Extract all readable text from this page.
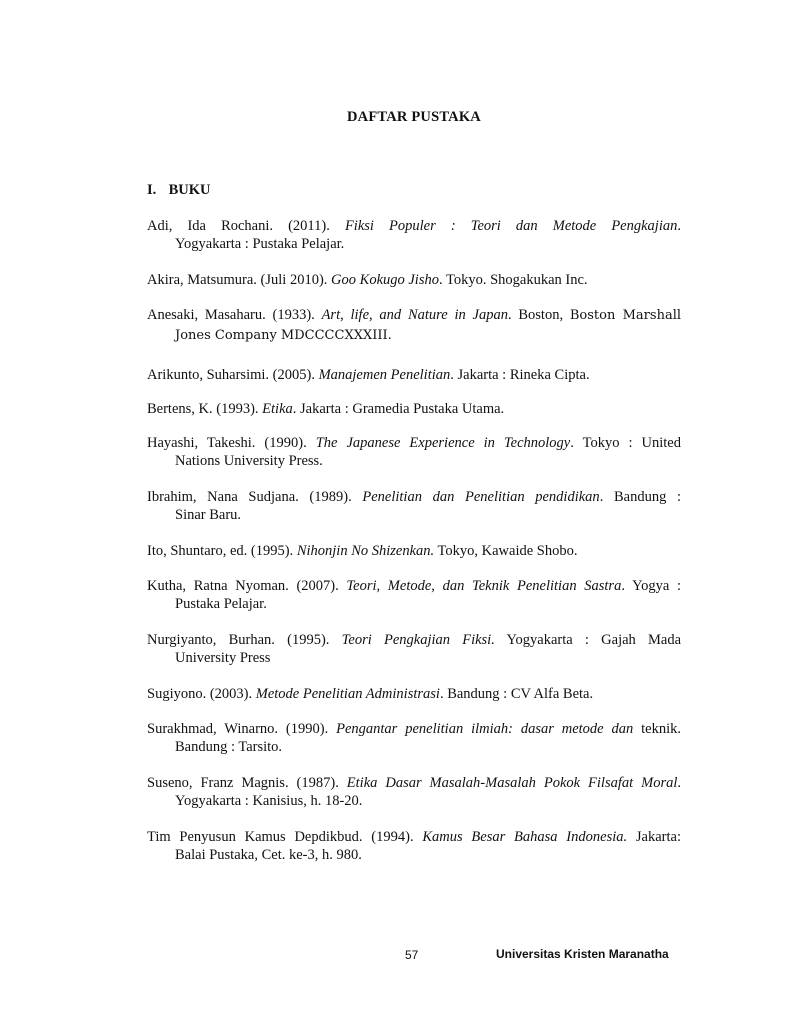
DAFTAR PUSTAKA
I. BUKU
Adi, Ida Rochani. (2011). Fiksi Populer : Teori dan Metode Pengkajian.
Yogyakarta : Pustaka Pelajar.
Akira, Matsumura. (Juli 2010). Goo Kokugo Jisho. Tokyo. Shogakukan Inc.
Anesaki, Masaharu. (1933). Art, life, and Nature in Japan. Boston, Boston Marshall
Jones Company MDCCCCXXXIII.
Arikunto, Suharsimi. (2005). Manajemen Penelitian. Jakarta : Rineka Cipta.
Bertens, K. (1993). Etika. Jakarta : Gramedia Pustaka Utama.
Hayashi, Takeshi. (1990). The Japanese Experience in Technology. Tokyo : United
Nations University Press.
Ibrahim, Nana Sudjana. (1989). Penelitian dan Penelitian pendidikan. Bandung :
Sinar Baru.
Ito, Shuntaro, ed. (1995). Nihonjin No Shizenkan. Tokyo, Kawaide Shobo.
Kutha, Ratna Nyoman. (2007). Teori, Metode, dan Teknik Penelitian Sastra. Yogya :
Pustaka Pelajar.
Nurgiyanto, Burhan. (1995). Teori Pengkajian Fiksi. Yogyakarta : Gajah Mada
University Press
Sugiyono. (2003). Metode Penelitian Administrasi. Bandung : CV Alfa Beta.
Surakhmad, Winarno. (1990). Pengantar penelitian ilmiah: dasar metode dan teknik.
Bandung : Tarsito.
Suseno, Franz Magnis. (1987). Etika Dasar Masalah-Masalah Pokok Filsafat Moral.
Yogyakarta : Kanisius, h. 18-20.
Tim Penyusun Kamus Depdikbud. (1994). Kamus Besar Bahasa Indonesia. Jakarta:
Balai Pustaka, Cet. ke-3, h. 980.
57	Universitas Kristen Maranatha
